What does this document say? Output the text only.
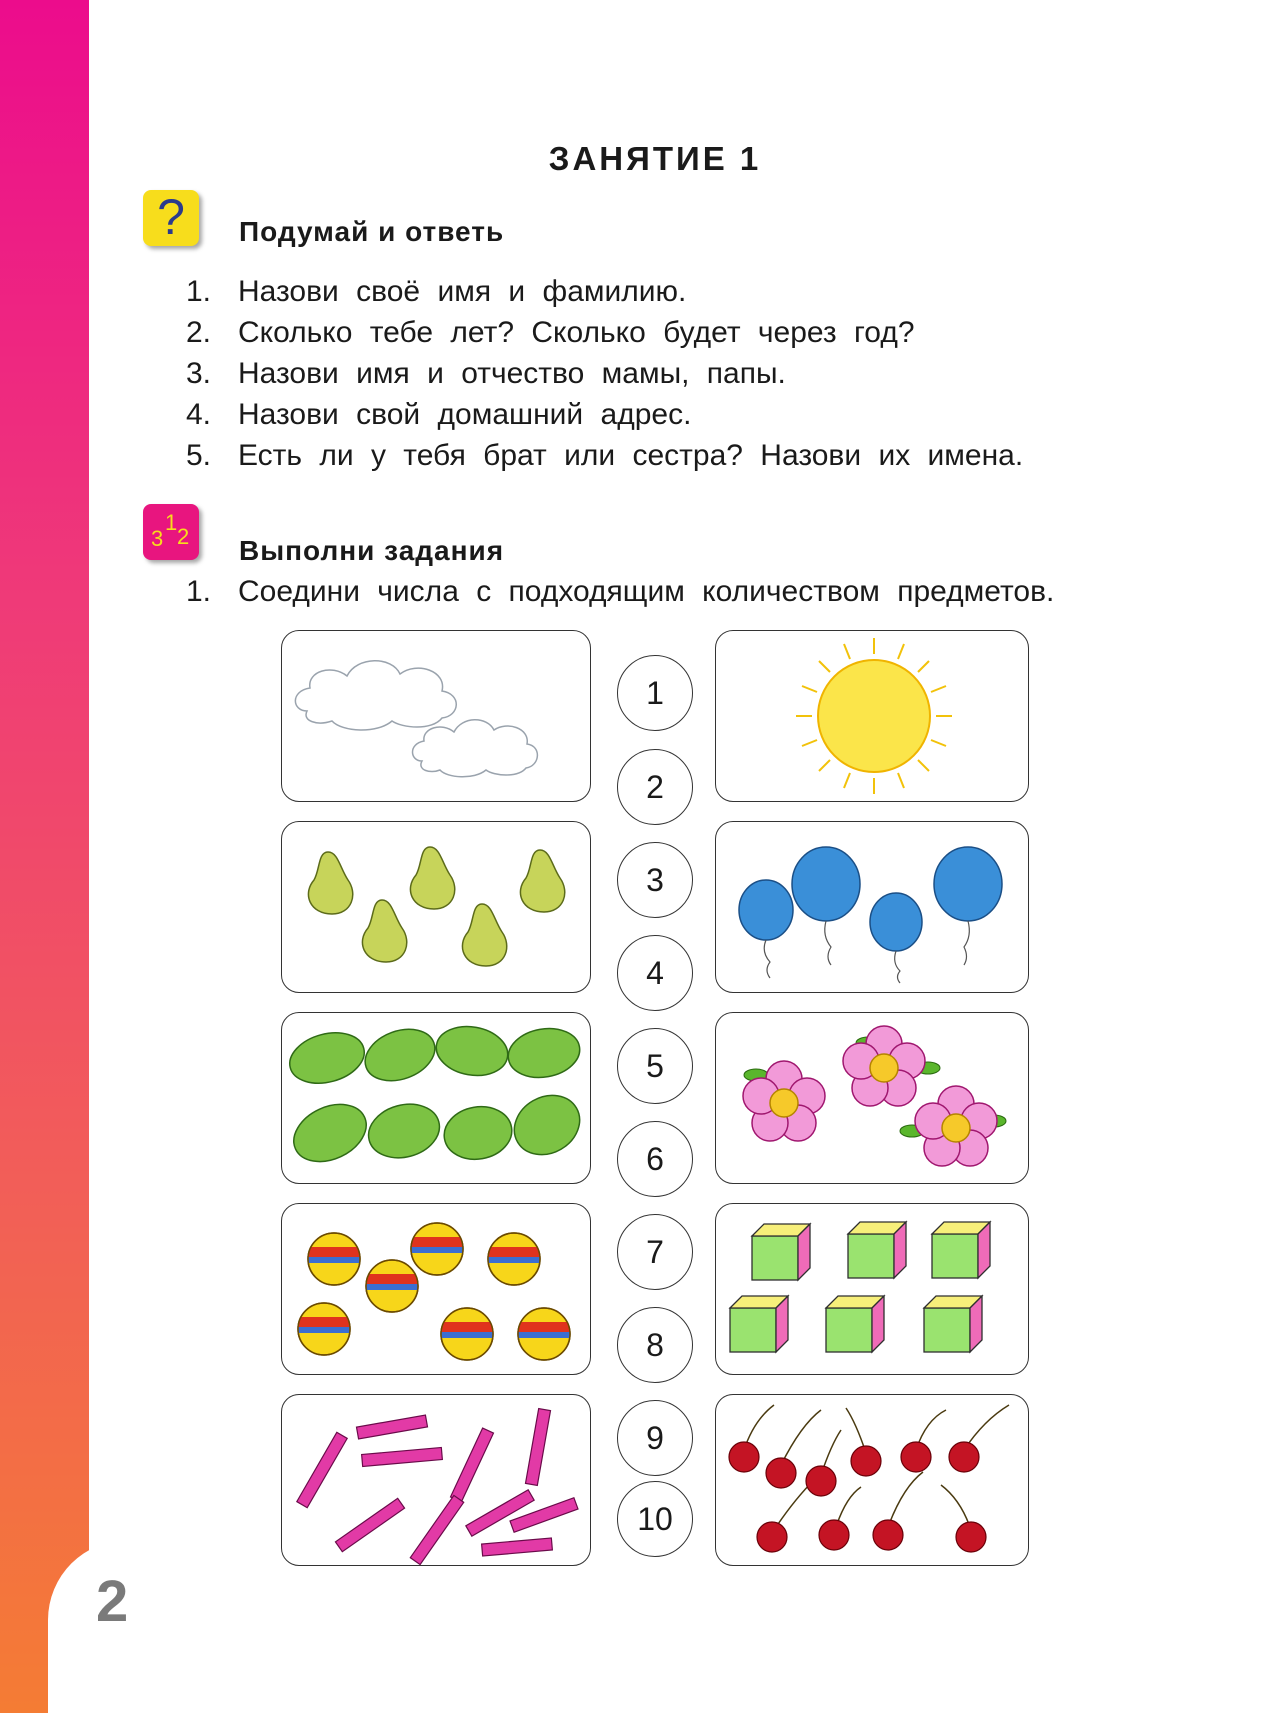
2
ЗАНЯТИЕ 1
?	Подумай и ответь
1. Назови своё имя и фамилию.
2. Сколько тебе лет? Сколько будет через год?
3. Назови имя и отчество мамы, папы.
4. Назови свой домашний адрес.
5. Есть ли у тебя брат или сестра? Назови их имена.
3
1
2 Выполни задания
1. Соедини числа с подходящим количеством предметов.
1
2
3
4
5
6
7
8
9
10
